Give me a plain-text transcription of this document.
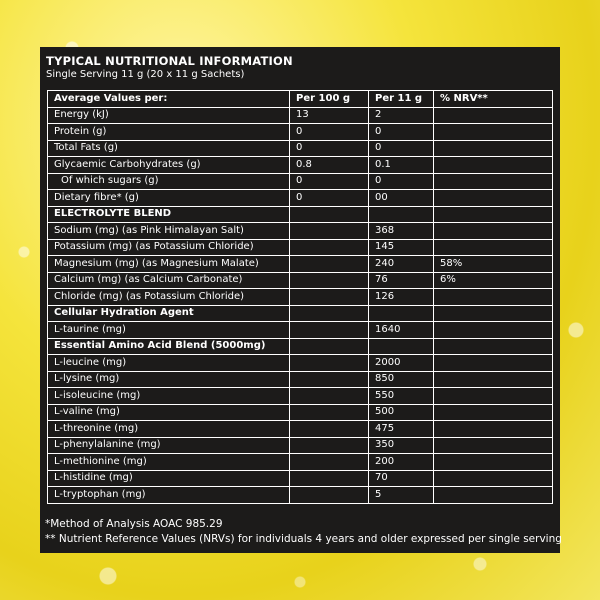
TYPICAL NUTRITIONAL INFORMATION
Single Serving 11 g (20 x 11 g Sachets)
Average Values per:	Per 100 g	Per 11 g	% NRV**
Energy (kJ)	13	2	
Protein (g)	0	0	
Total Fats (g)	0	0	
Glycaemic Carbohydrates (g)	0.8	0.1	
Of which sugars (g)	0	0	
Dietary fibre* (g)	0	00	
ELECTROLYTE BLEND			
Sodium (mg) (as Pink Himalayan Salt)		368	
Potassium (mg) (as Potassium Chloride)		145	
Magnesium (mg) (as Magnesium Malate)		240	58%
Calcium (mg) (as Calcium Carbonate)		76	6%
Chloride (mg) (as Potassium Chloride)		126	
Cellular Hydration Agent			
L-taurine (mg)		1640	
Essential Amino Acid Blend (5000mg)			
L-leucine (mg)		2000	
L-lysine (mg)		850	
L-isoleucine (mg)		550	
L-valine (mg)		500	
L-threonine (mg)		475	
L-phenylalanine (mg)		350	
L-methionine (mg)		200	
L-histidine (mg)		70	
L-tryptophan (mg)		5	
*Method of Analysis AOAC 985.29
** Nutrient Reference Values (NRVs) for individuals 4 years and older expressed per single serving
